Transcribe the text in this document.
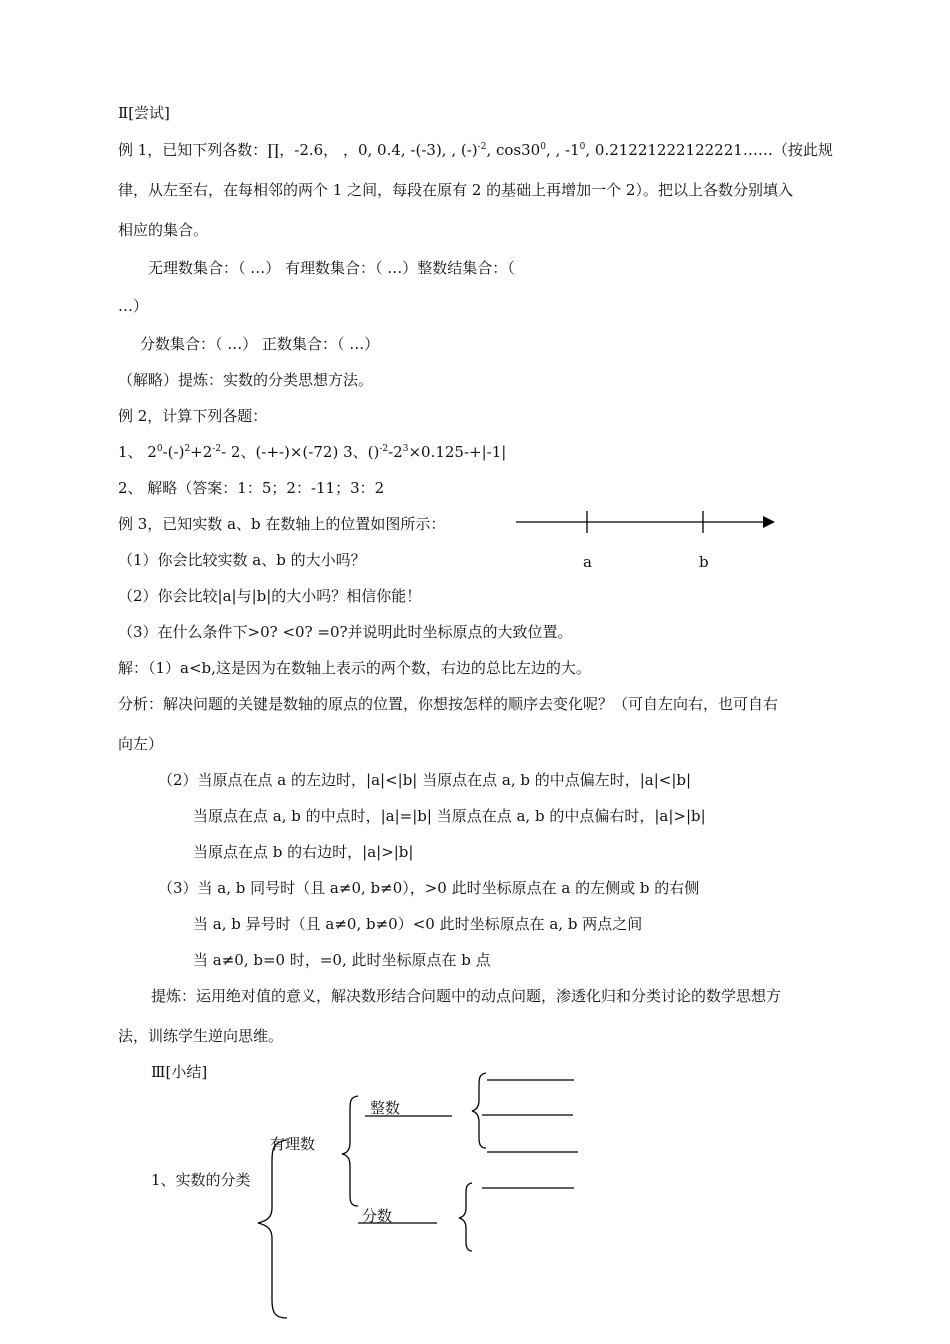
Ⅱ[尝试]
例 1，已知下列各数：∏，-2.6， ，0, 0.4, -(-3), , $(-)^{-2}$, $\cos 30^0$, , $-1^0$, 0.21221222122221……（按此规
律，从左至右，在每相邻的两个 1 之间，每段在原有 2 的基础上再增加一个 2）。把以上各数分别填入
相应的集合。
无理数集合：（ …） 有理数集合：（ …）整数结集合：（
…）
分数集合：（ …） 正数集合：（ …）
（解略）提炼：实数的分类思想方法。
例 2，计算下列各题：
1、 $2^0-(-)^2+2^{-2}-$ 2、(-+-)×(-72) 3、$()^{-2}-2^3\times 0.125-+|-1|$
2、 解略（答案：1：5；2：-11；3：2
例 3，已知实数 a、b 在数轴上的位置如图所示：
a	b
（1）你会比较实数 a、b 的大小吗？
（2）你会比较|a|与|b|的大小吗？相信你能！
（3）在什么条件下>0? <0? =0?并说明此时坐标原点的大致位置。
解：（1）a<b,这是因为在数轴上表示的两个数，右边的总比左边的大。
分析：解决问题的关键是数轴的原点的位置，你想按怎样的顺序去变化呢？（可自左向右，也可自右
向左）
（2）当原点在点 a 的左边时，|a|<|b| 当原点在点 a, b 的中点偏左时，|a|<|b|
当原点在点 a, b 的中点时，|a|=|b| 当原点在点 a, b 的中点偏右时，|a|>|b|
当原点在点 b 的右边时，|a|>|b|
（3）当 a, b 同号时（且 a≠0, b≠0），>0 此时坐标原点在 a 的左侧或 b 的右侧
当 a, b 异号时（且 a≠0, b≠0）<0 此时坐标原点在 a, b 两点之间
当 a≠0, b=0 时，=0, 此时坐标原点在 b 点
提炼：运用绝对值的意义，解决数形结合问题中的动点问题，渗透化归和分类讨论的数学思想方
法，训练学生逆向思维。
Ⅲ[小结]
整数
有理数
1、实数的分类
分数
